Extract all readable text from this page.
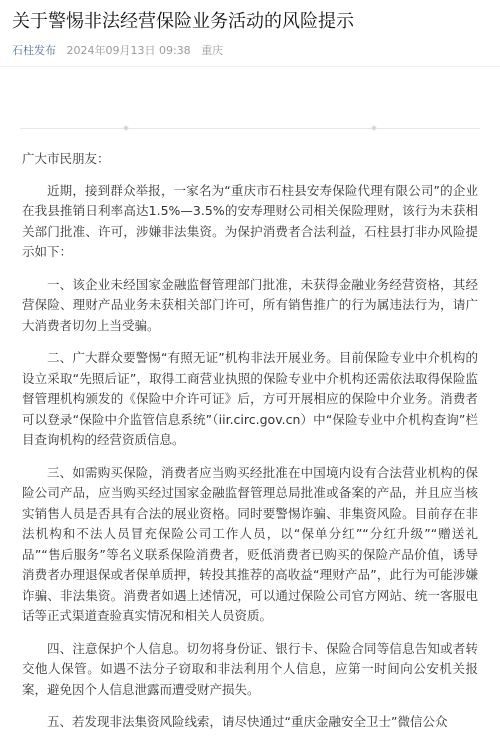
关于警惕非法经营保险业务活动的风险提示
石柱发布 2024年09月13日 09:38 重庆

广大市民朋友：

近期，接到群众举报，一家名为“重庆市石柱县安寿保险代理有限公司”的企业在我县推销日利率高达1.5%—3.5%的安寿理财公司相关保险理财，该行为未获相关部门批准、许可，涉嫌非法集资。为保护消费者合法利益，石柱县打非办风险提示如下：

一、该企业未经国家金融监督管理部门批准，未获得金融业务经营资格，其经营保险、理财产品业务未获相关部门许可，所有销售推广的行为属违法行为，请广大消费者切勿上当受骗。

二、广大群众要警惕“有照无证”机构非法开展业务。目前保险专业中介机构的设立采取“先照后证”，取得工商营业执照的保险专业中介机构还需依法取得保险监督管理机构颁发的《保险中介许可证》后，方可开展相应的保险中介业务。消费者可以登录“保险中介监管信息系统”（iir.circ.gov.cn）中“保险专业中介机构查询”栏目查询机构的经营资质信息。

三、如需购买保险，消费者应当购买经批准在中国境内设有合法营业机构的保险公司产品，应当购买经过国家金融监督管理总局批准或备案的产品，并且应当核实销售人员是否具有合法的展业资格。同时要警惕诈骗、非集资风险。目前存在非法机构和不法人员冒充保险公司工作人员，以“保单分红”“分红升级”“赠送礼品”“售后服务”等名义联系保险消费者，贬低消费者已购买的保险产品价值，诱导消费者办理退保或者保单质押，转投其推荐的高收益“理财产品”，此行为可能涉嫌诈骗、非法集资。消费者如遇上述情况，可以通过保险公司官方网站、统一客服电话等正式渠道查验真实情况和相关人员资质。

四、注意保护个人信息。切勿将身份证、银行卡、保险合同等信息告知或者转交他人保管。如遇不法分子窃取和非法利用个人信息，应第一时间向公安机关报案，避免因个人信息泄露而遭受财产损失。

五、若发现非法集资风险线索，请尽快通过“重庆金融安全卫士”微信公众
